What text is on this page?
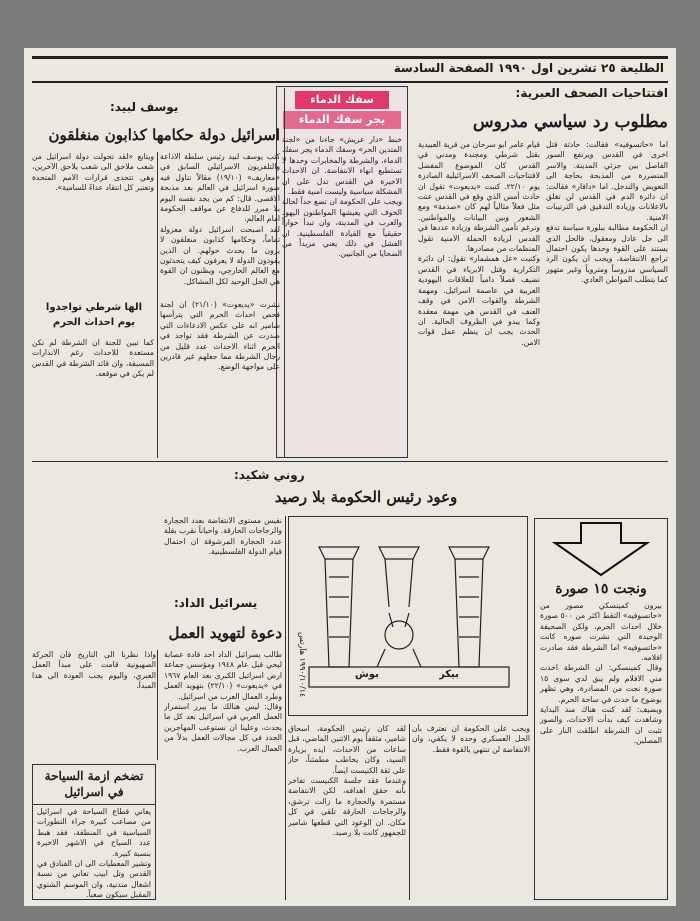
الطليعة ٢٥ تشرين اول ١٩٩٠ الصفحة السادسة
افتتاحيات الصحف العبرية:
مطلوب رد سياسي مدروس

قيام عامر ابو سرحان من قرية العبيدية بقتل شرطي ومجندة ومدني في القدس كان الموضوع المفضل لافتتاحيات الصحف الاسرائيلية الصادرة يوم ٢٢/١٠. كتبت «يديعوت» تقول ان حادث أمس الذي وقع في القدس عنت مثل فعلاً مثالياً لهم كان «صدمة» ومع الشعور وبين البيانات والمواطنين. وترغم تأمين الشرطة وزيادة عددها في القدس لزيادة الحملة الامنية تقول المنظمات من مصادرها.

وكتبت «عل همشمار» تقول: ان دائرة التكرارية وقتل الابرياء في القدس تضيف فصلاً دامياً للعلاقات اليهودية العربية في عاصمة اسرائيل. ومهمة الشرطة والقوات الامن في وقف العنف في القدس هي مهمة معقدة وكما يبدو في الظروف الحالية. ان الحدث يجب ان ينظم عمل قوات الامن.

اما «حاتسوفيه» فقالت: حادثة قتل اخرى في القدس ويرتفع السور الفاصل بين جزئي المدينة. والاسر المتضررة من المذبحة بحاجة الى التعويض والتدخل. اما «دافار» فقالت: ان دائرة الدم في القدس لن تغلق بالاعلانات وزيادة التدقيق في الترتيبات الامنية.

ان الحكومة مطالبة ببلورة سياسة تدفع الى حل عادل ومعقول، فالحل الذي يستند على القوة وحدها يكون احتمال تراجع الانتفاضة، ويجب ان يكون الرد السياسي مدروساً ومتروياً وغير متهور كما يتطلب المواطن العادي.

سفك الدماء
يجر سفك الدماء

خبط «دار عريش» جاءنا من «لجنة المتدين الحر» وسفك الدماء يجر سفك الدماء، والشرطة والمخابرات وحدها لا تستطيع انهاء الانتفاضة. ان الاحداث الاخيرة في القدس تدل على ان المشكلة سياسية وليست امنية فقط.

ويجب على الحكومة ان تضع حداً لحالة الخوف التي يعيشها المواطنون اليهود والعرب في المدينة، وان تبدأ حواراً حقيقياً مع القيادة الفلسطينية. ان الفشل في ذلك يعني مزيداً من الضحايا من الجانبين.

يوسف لبيد:
اسرائيل دولة حكامها كذابون منغلقون

كتب يوسف لبيد رئيس سلطة الاذاعة والتلفزيون الاسرائيلي السابق في «معاريف» (١٩/١٠) مقالاً تناول فيه صورة اسرائيل في العالم بعد مذبحة الاقصى. قال: كم من يجد نفسه اليوم بلا مبرر للدفاع عن مواقف الحكومة امام العالم.

لقد اصبحت اسرائيل دولة معزولة تماماً، وحكامها كذابون منغلقون لا يرون ما يحدث حولهم. ان الذين يقودون الدولة لا يعرفون كيف يتحدثون مع العالم الخارجي، ويظنون ان القوة هي الحل الوحيد لكل المشاكل.

ويتابع «لقد تحولت دولة اسرائيل من شعب ملاحق الى شعب يلاحق الآخرين، وهي تتحدى قرارات الامم المتحدة وتعتبر كل انتقاد عداءً للسامية».

الها شرطي تواجدوا
يوم احداث الحرم

نشرت «يديعوت» (٢١/١٠) ان لجنة فحص احداث الحرم التي يترأسها شامير انه على عكس الادعاءات التي صدرت عن الشرطة فقد تواجد في الحرم اثناء الاحداث عدد قليل من رجال الشرطة مما جعلهم غير قادرين على مواجهة الوضع.

كما تبين للجنة ان الشرطة لم تكن مستعدة للاحداث رغم الانذارات المسبقة، وان قائد الشرطة في القدس لم يكن في موقعه.

روني شكيد:
وعود رئيس الحكومة بلا رصيد

نقيس مستوى الانتفاضة بعدد الحجارة والزجاجات الحارقة. واحياناً نقرب بقلة عدد الحجارة المرشوقة ان احتمال قيام الدولة الفلسطينية.

بيكر
بوش
١٩٩٠/١٠/١٤ هآرتس
يسرائيل الداد:
دعوة لتهويد العمل

طالب يسرائيل الداد احد قادة عصابة ليحي قبل عام ١٩٤٨ ومؤسس جماعة ارض اسرائيل الكبرى بعد العام ١٩٦٧ في «يديعوت» (٢٢/١٠) بتهويد العمل وطرد العمال العرب من اسرائيل.

وقال: ليس هنالك ما يبرر استمرار العمل العربي في اسرائيل بعد كل ما يحدث، وعلينا ان نستوعب المهاجرين الجدد في كل مجالات العمل بدلاً من العمال العرب.

واذا نظرنا الى التاريخ فان الحركة الصهيونية قامت على مبدأ العمل العبري، واليوم يجب العودة الى هذا المبدأ.

تضخم ازمة السياحة في اسرائيل

يعاني قطاع السياحة في اسرائيل من مصاعب كبيرة جراء التطورات السياسية في المنطقة، فقد هبط عدد السياح في الاشهر الاخيرة بنسبة كبيرة.

وتشير المعطيات الى ان الفنادق في القدس وتل ابيب تعاني من نسبة اشغال متدنية، وان الموسم الشتوي المقبل سيكون صعباً.

لقد كان رئيس الحكومة، اسحاق شامير، مثقفاً يوم الاثنين الماضي، قبل ساعات من الاحداث، ايده بزيارة السيد، وكان يخاطب مطمئناً، حاز على ثقة الكنيست ايضاً.

وعندما عقد جلسة الكنيست تفاخر بأنه حقق اهدافه، لكن الانتفاضة مستمرة والحجارة ما زالت ترشق، والزجاجات الحارقة تلقى في كل مكان. ان الوعود التي قطعها شامير للجمهور كانت بلا رصيد.

ويجب على الحكومة ان تعترف بأن الحل العسكري وحده لا يكفي، وان الانتفاضة لن تنتهي بالقوة فقط.

ونجت ١٥ صورة

بيرون كمينسكي مصور من «حاتسوفيه» التقط اكثر من ٥٠٠ صورة خلال احداث الحرم، ولكن الصحيفة الوحيدة التي نشرت صوره كانت «حاتسوفيه» اما الشرطة فقد صادرت افلامه.

وقال كمينسكي: ان الشرطة اخذت مني الافلام ولم يبق لدي سوى ١٥ صورة نجت من المصادرة، وهي تظهر بوضوح ما حدث في ساحة الحرم.

ويضيف: لقد كنت هناك منذ البداية وشاهدت كيف بدأت الاحداث، والصور تثبت ان الشرطة اطلقت النار على المصلين.
